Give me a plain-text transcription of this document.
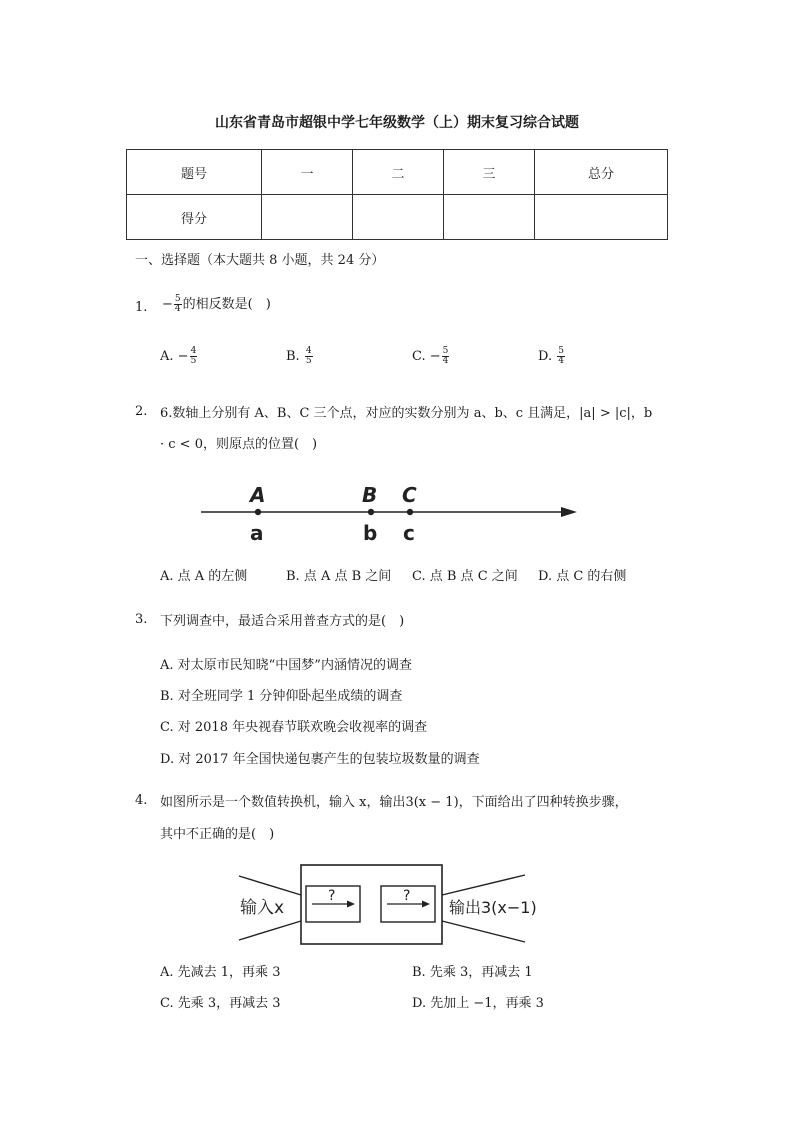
山东省青岛市超银中学七年级数学（上）期末复习综合试题
题号	一	二	三	总分
得分				
一、选择题（本大题共 8 小题，共 24 分）
1. − $\frac{5}{4}$ 的相反数是(　)
A. − $\frac{4}{5}$	B. $\frac{4}{5}$	C. − $\frac{5}{4}$	D. $\frac{5}{4}$
2. 6.数轴上分别有 A、B、C 三个点，对应的实数分别为 a、b、c 且满足，|a| > |c|，b
· c < 0，则原点的位置(　)
A	B C
a	b c
A. 点 A 的左侧	B. 点 A 点 B 之间 C. 点 B 点 C 之间 D. 点 C 的右侧
3. 下列调查中，最适合采用普查方式的是(　)
A. 对太原市民知晓“中国梦”内涵情况的调查
B. 对全班同学 1 分钟仰卧起坐成绩的调查
C. 对 2018 年央视春节联欢晚会收视率的调查
D. 对 2017 年全国快递包裹产生的包装垃圾数量的调查
4. 如图所示是一个数值转换机，输入 x，输出3(x − 1)，下面给出了四种转换步骤，
其中不正确的是(　)
?	?
输入x	输出3(x−1)
A. 先减去 1，再乘 3	B. 先乘 3，再减去 1
C. 先乘 3，再减去 3	D. 先加上 −1，再乘 3
